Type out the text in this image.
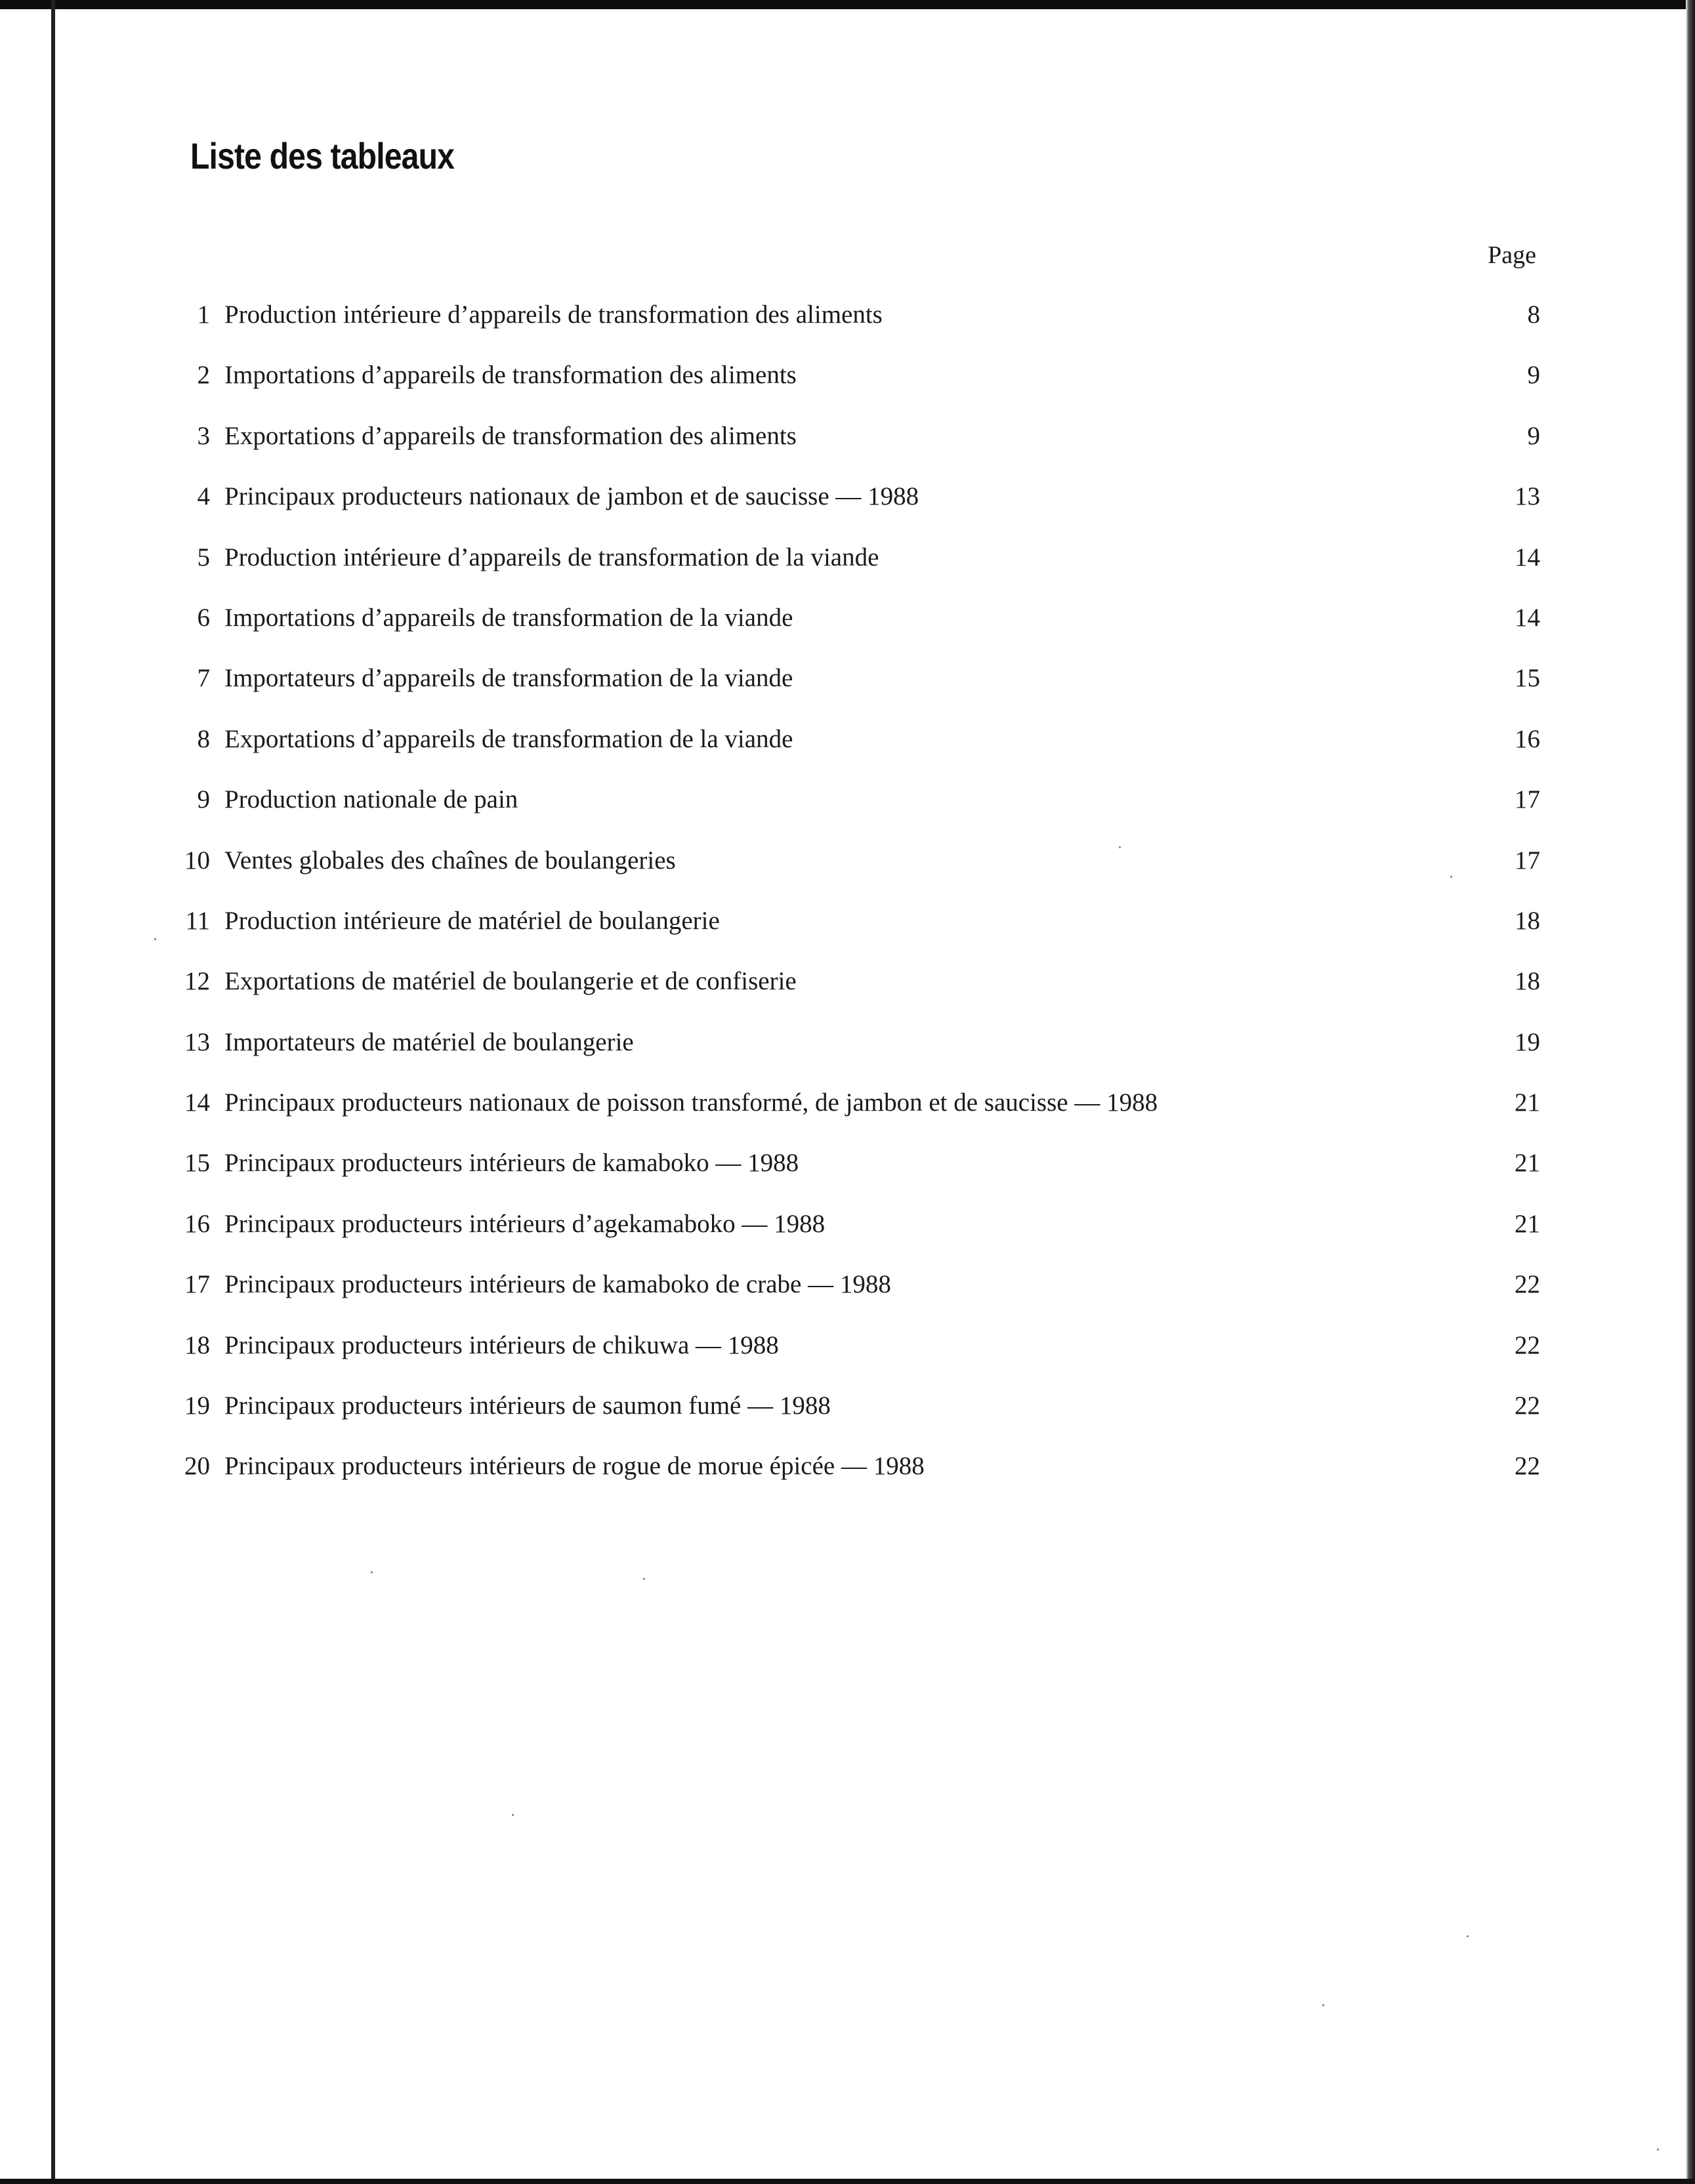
Liste des tableaux
Page
1 Production intérieure d’appareils de transformation des aliments	8
2 Importations d’appareils de transformation des aliments	9
3 Exportations d’appareils de transformation des aliments	9
4 Principaux producteurs nationaux de jambon et de saucisse — 1988	13
5 Production intérieure d’appareils de transformation de la viande	14
6 Importations d’appareils de transformation de la viande	14
7 Importateurs d’appareils de transformation de la viande	15
8 Exportations d’appareils de transformation de la viande	16
9 Production nationale de pain	17
10 Ventes globales des chaînes de boulangeries	17
11 Production intérieure de matériel de boulangerie	18
12 Exportations de matériel de boulangerie et de confiserie	18
13 Importateurs de matériel de boulangerie	19
14 Principaux producteurs nationaux de poisson transformé, de jambon et de saucisse — 1988	21
15 Principaux producteurs intérieurs de kamaboko — 1988	21
16 Principaux producteurs intérieurs d’agekamaboko — 1988	21
17 Principaux producteurs intérieurs de kamaboko de crabe — 1988	22
18 Principaux producteurs intérieurs de chikuwa — 1988	22
19 Principaux producteurs intérieurs de saumon fumé — 1988	22
20 Principaux producteurs intérieurs de rogue de morue épicée — 1988	22
